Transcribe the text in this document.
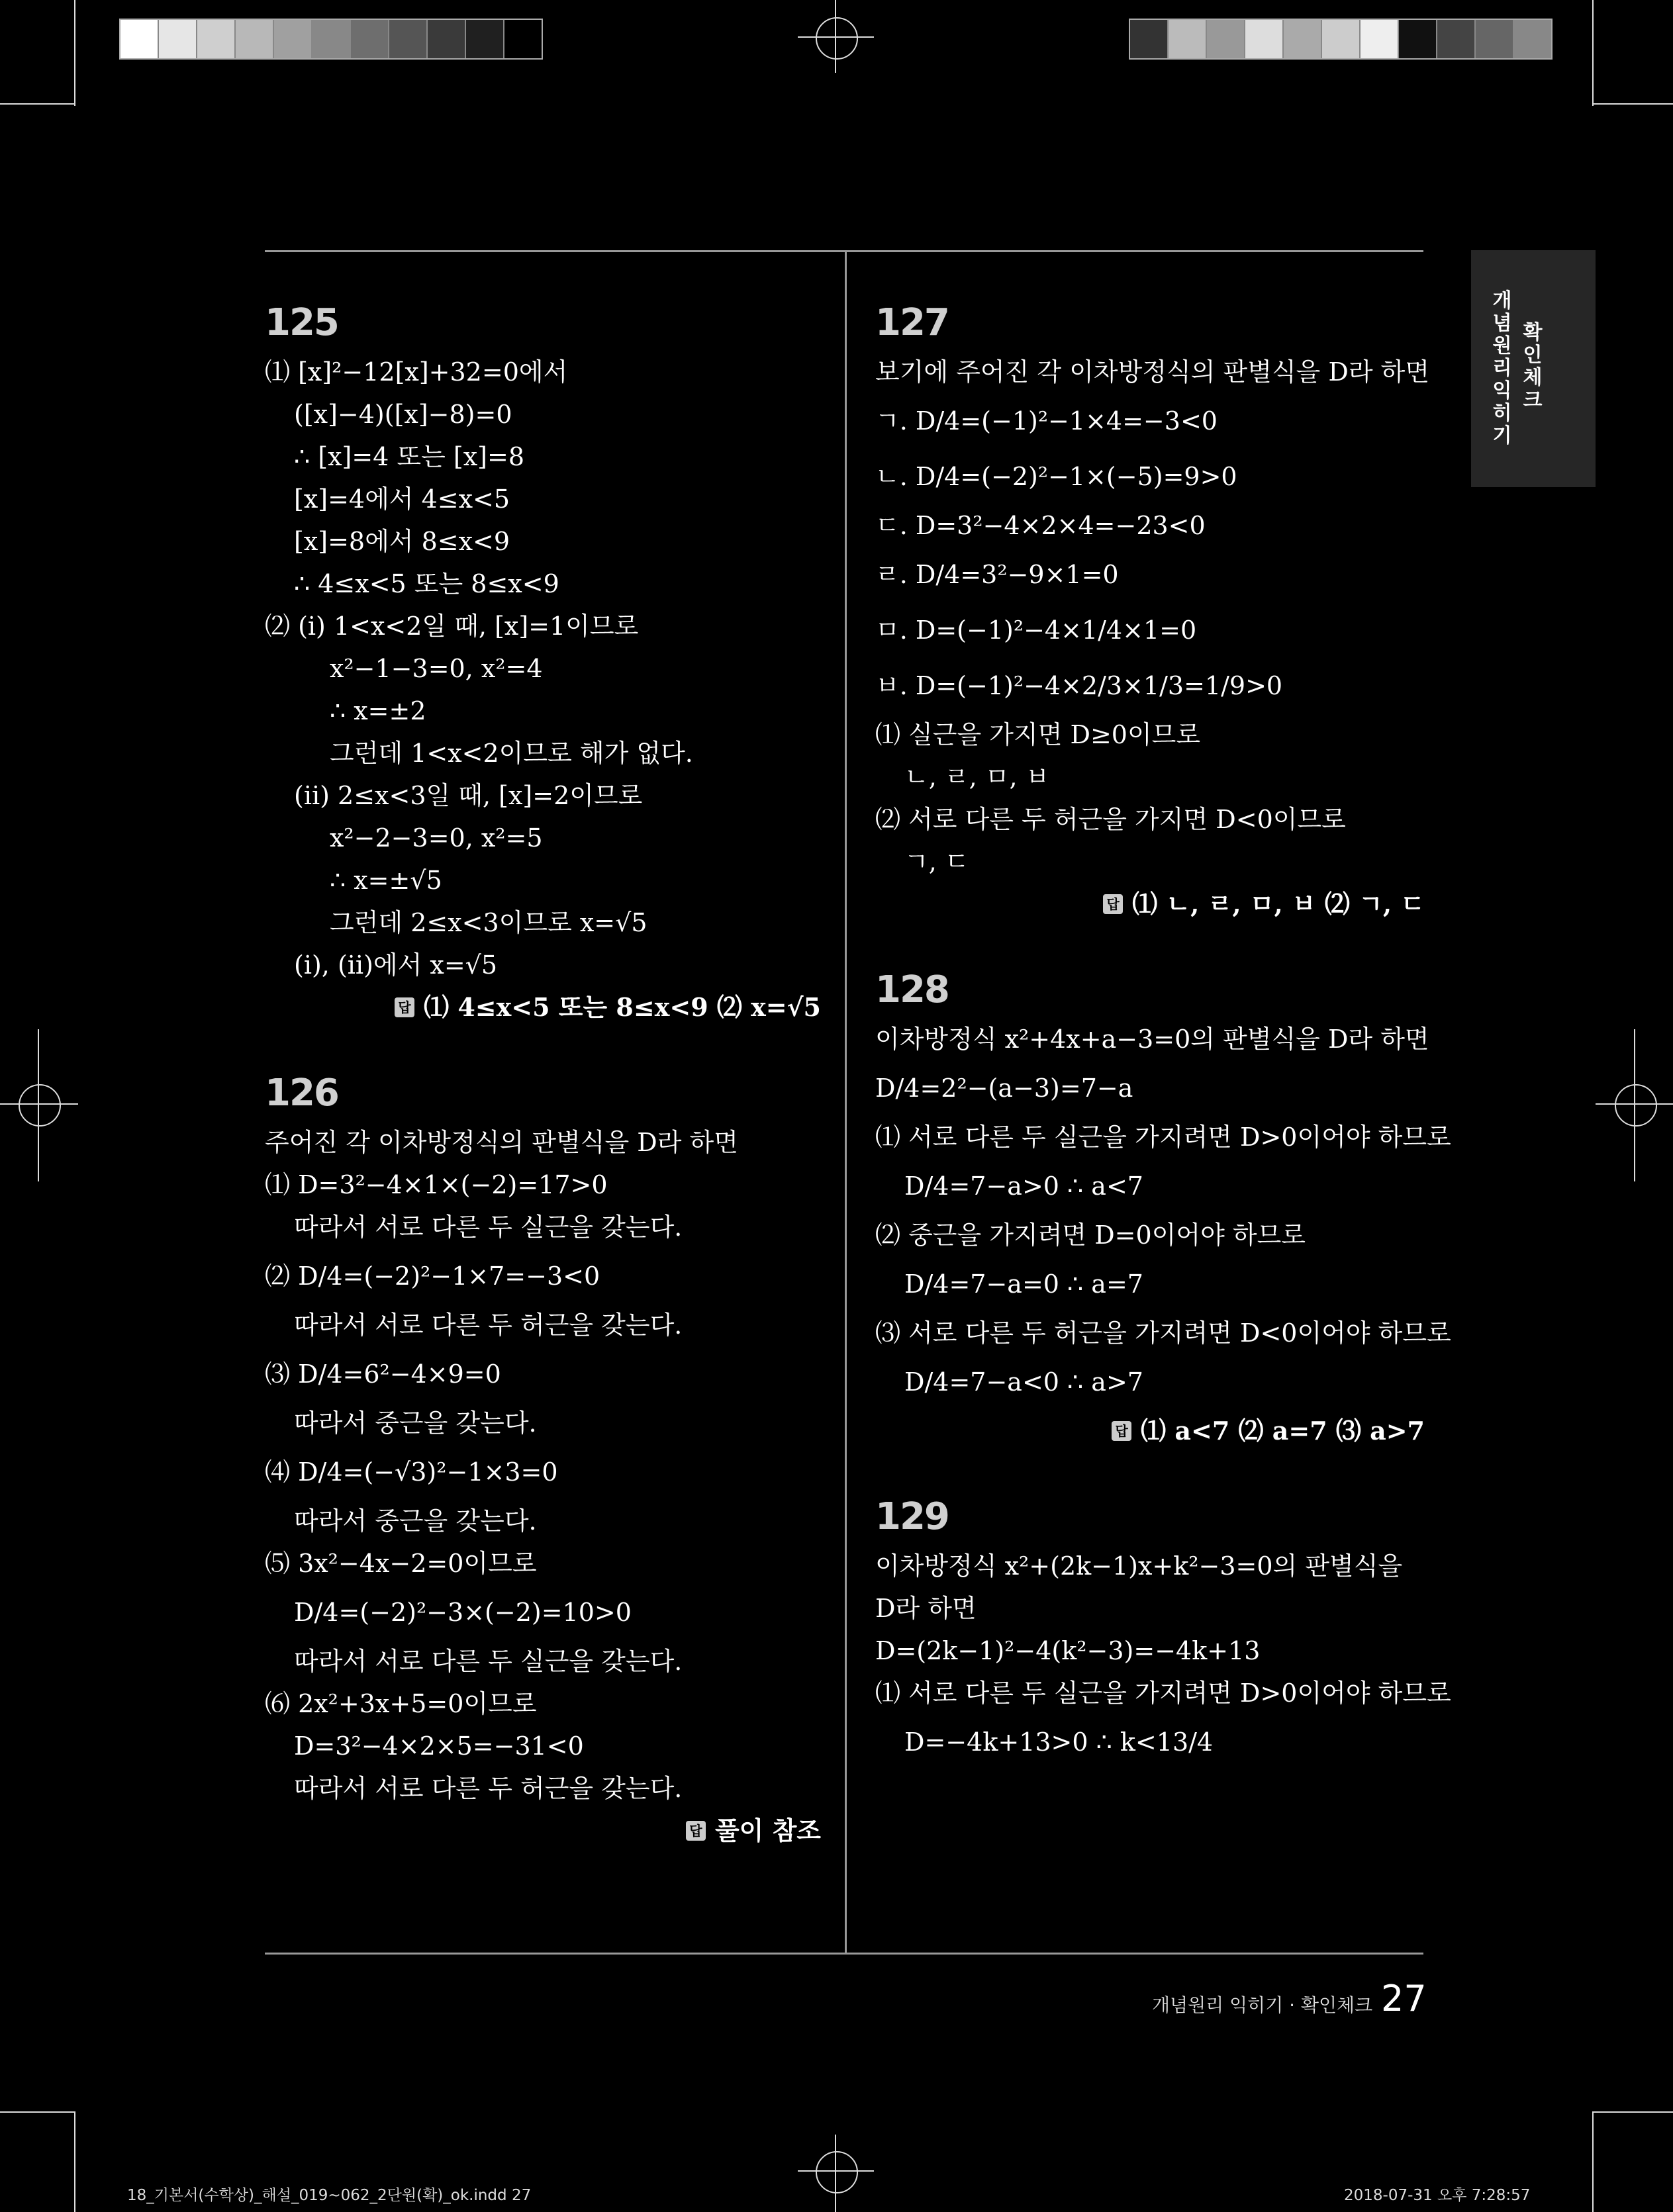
확인체크
개념원리 익히기
125
⑴ [x]²−12[x]+32=0에서
([x]−4)([x]−8)=0
∴ [x]=4 또는 [x]=8
[x]=4에서 4≤x<5
[x]=8에서 8≤x<9
∴ 4≤x<5 또는 8≤x<9
⑵ (ⅰ) 1<x<2일 때, [x]=1이므로
x²−1−3=0, x²=4
∴ x=±2
그런데 1<x<2이므로 해가 없다.
(ⅱ) 2≤x<3일 때, [x]=2이므로
x²−2−3=0, x²=5
∴ x=±√5
그런데 2≤x<3이므로 x=√5
(ⅰ), (ⅱ)에서 x=√5
답 ⑴ 4≤x<5 또는 8≤x<9 ⑵ x=√5
126
주어진 각 이차방정식의 판별식을 D라 하면
⑴ D=3²−4×1×(−2)=17>0
따라서 서로 다른 두 실근을 갖는다.
⑵ D/4=(−2)²−1×7=−3<0
따라서 서로 다른 두 허근을 갖는다.
⑶ D/4=6²−4×9=0
따라서 중근을 갖는다.
⑷ D/4=(−√3)²−1×3=0
따라서 중근을 갖는다.
⑸ 3x²−4x−2=0이므로
D/4=(−2)²−3×(−2)=10>0
따라서 서로 다른 두 실근을 갖는다.
⑹ 2x²+3x+5=0이므로
D=3²−4×2×5=−31<0
따라서 서로 다른 두 허근을 갖는다.
답 풀이 참조
127
보기에 주어진 각 이차방정식의 판별식을 D라 하면
ㄱ. D/4=(−1)²−1×4=−3<0
ㄴ. D/4=(−2)²−1×(−5)=9>0
ㄷ. D=3²−4×2×4=−23<0
ㄹ. D/4=3²−9×1=0
ㅁ. D=(−1)²−4×1/4×1=0
ㅂ. D=(−1)²−4×2/3×1/3=1/9>0
⑴ 실근을 가지면 D≥0이므로
ㄴ, ㄹ, ㅁ, ㅂ
⑵ 서로 다른 두 허근을 가지면 D<0이므로
ㄱ, ㄷ
답 ⑴ ㄴ, ㄹ, ㅁ, ㅂ ⑵ ㄱ, ㄷ
128
이차방정식 x²+4x+a−3=0의 판별식을 D라 하면
D/4=2²−(a−3)=7−a
⑴ 서로 다른 두 실근을 가지려면 D>0이어야 하므로
D/4=7−a>0 ∴ a<7
⑵ 중근을 가지려면 D=0이어야 하므로
D/4=7−a=0 ∴ a=7
⑶ 서로 다른 두 허근을 가지려면 D<0이어야 하므로
D/4=7−a<0 ∴ a>7
답 ⑴ a<7 ⑵ a=7 ⑶ a>7
129
이차방정식 x²+(2k−1)x+k²−3=0의 판별식을
D라 하면
D=(2k−1)²−4(k²−3)=−4k+13
⑴ 서로 다른 두 실근을 가지려면 D>0이어야 하므로
D=−4k+13>0 ∴ k<13/4
개념원리 익히기 · 확인체크 27
18_기본서(수학상)_해설_019~062_2단원(확)_ok.indd 27	2018-07-31 오후 7:28:57
